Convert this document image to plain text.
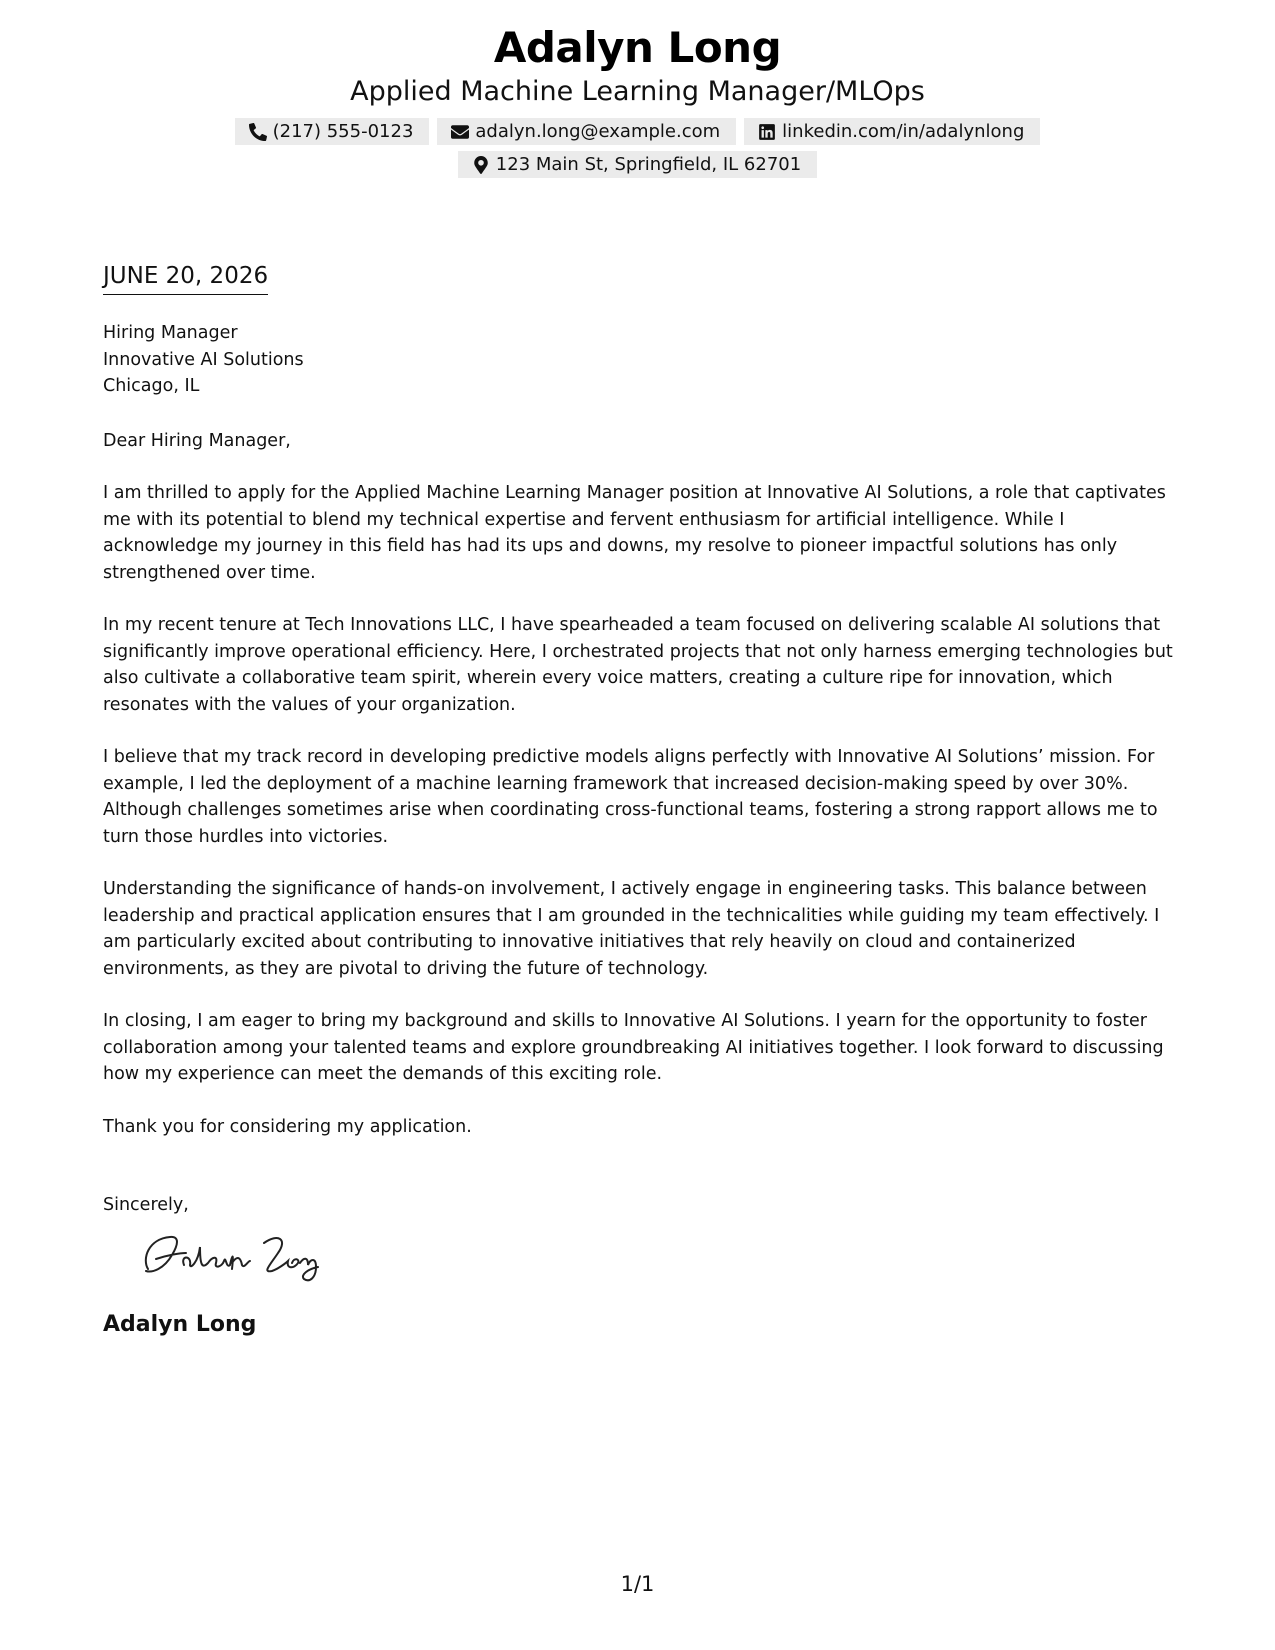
Adalyn Long
Applied Machine Learning Manager/MLOps
(217) 555-0123	adalyn.long@example.com	linkedin.com/in/adalynlong
123 Main St, Springfield, IL 62701
JUNE 20, 2026
Hiring Manager
Innovative AI Solutions
Chicago, IL

Dear Hiring Manager,

I am thrilled to apply for the Applied Machine Learning Manager position at Innovative AI Solutions, a role that captivates me with its potential to blend my technical expertise and fervent enthusiasm for artificial intelligence. While I acknowledge my journey in this field has had its ups and downs, my resolve to pioneer impactful solutions has only strengthened over time.

In my recent tenure at Tech Innovations LLC, I have spearheaded a team focused on delivering scalable AI solutions that significantly improve operational efficiency. Here, I orchestrated projects that not only harness emerging technologies but also cultivate a collaborative team spirit, wherein every voice matters, creating a culture ripe for innovation, which resonates with the values of your organization.

I believe that my track record in developing predictive models aligns perfectly with Innovative AI Solutions’ mission. For example, I led the deployment of a machine learning framework that increased decision-making speed by over 30%. Although challenges sometimes arise when coordinating cross-functional teams, fostering a strong rapport allows me to turn those hurdles into victories.

Understanding the significance of hands-on involvement, I actively engage in engineering tasks. This balance between leadership and practical application ensures that I am grounded in the technicalities while guiding my team effectively. I am particularly excited about contributing to innovative initiatives that rely heavily on cloud and containerized environments, as they are pivotal to driving the future of technology.

In closing, I am eager to bring my background and skills to Innovative AI Solutions. I yearn for the opportunity to foster collaboration among your talented teams and explore groundbreaking AI initiatives together. I look forward to discussing how my experience can meet the demands of this exciting role.

Thank you for considering my application.

Sincerely,

Adalyn Long
1/1
